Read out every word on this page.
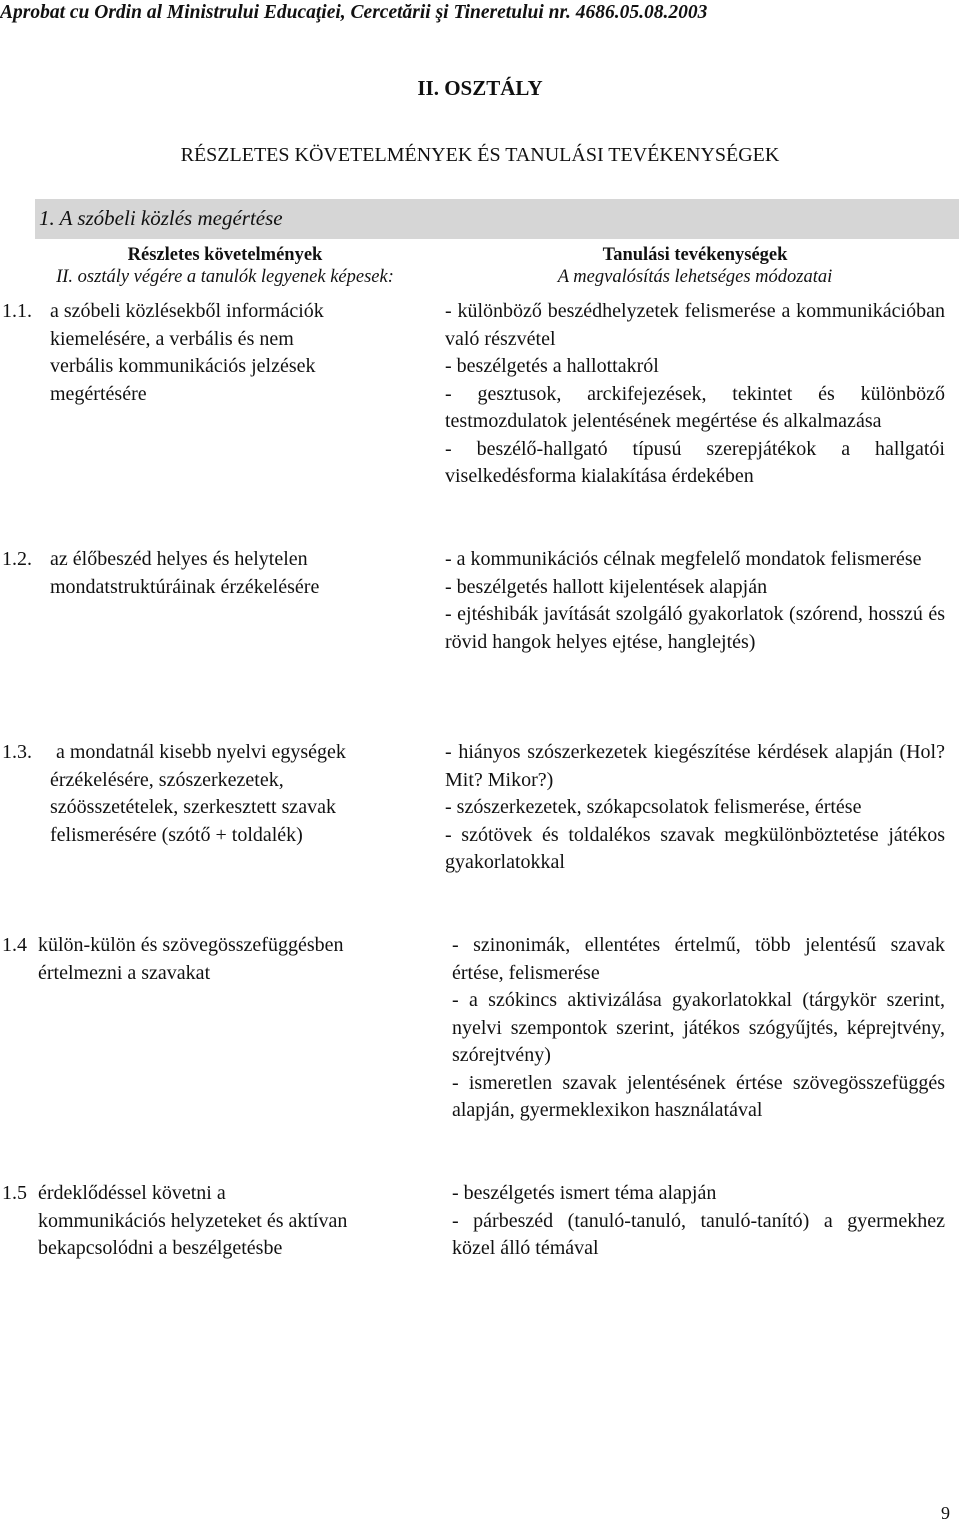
Aprobat cu Ordin al Ministrului Educaţiei, Cercetării şi Tineretului nr. 4686.05.08.2003
II. OSZTÁLY
RÉSZLETES KÖVETELMÉNYEK ÉS TANULÁSI TEVÉKENYSÉGEK
1. A szóbeli közlés megértése
Részletes követelmények
II. osztály végére a tanulók legyenek képesek:
Tanulási tevékenységek
A megvalósítás lehetséges módozatai
1.1. a szóbeli közlésekből információk
kiemelésére, a verbális és nem
verbális kommunikációs jelzések
megértésére

- különböző beszédhelyzetek felismerése a kommunikációban való részvétel

- beszélgetés a hallottakról

- gesztusok, arckifejezések, tekintet és különböző testmozdulatok jelentésének megértése és alkalmazása

- beszélő-hallgató típusú szerepjátékok a hallgatói viselkedésforma kialakítása érdekében

1.2. az élőbeszéd helyes és helytelen
mondatstruktúráinak érzékelésére

- a kommunikációs célnak megfelelő mondatok felismerése

- beszélgetés hallott kijelentések alapján

- ejtéshibák javítását szolgáló gyakorlatok (szórend, hosszú és rövid hangok helyes ejtése, hanglejtés)

1.3. a mondatnál kisebb nyelvi egységek
érzékelésére, szószerkezetek,
szóösszetételek, szerkesztett szavak
felismerésére (szótő + toldalék)

- hiányos szószerkezetek kiegészítése kérdések alapján (Hol? Mit? Mikor?)

- szószerkezetek, szókapcsolatok felismerése, értése

- szótövek és toldalékos szavak megkülönböztetése játékos gyakorlatokkal

1.4 külön-külön és szövegösszefüggésben
értelmezni a szavakat

- szinonimák, ellentétes értelmű, több jelentésű szavak értése, felismerése

- a szókincs aktivizálása gyakorlatokkal (tárgykör szerint, nyelvi szempontok szerint, játékos szógyűjtés, képrejtvény, szórejtvény)

- ismeretlen szavak jelentésének értése szövegösszefüggés alapján, gyermeklexikon használatával

1.5 érdeklődéssel követni a
kommunikációs helyzeteket és aktívan
bekapcsolódni a beszélgetésbe

- beszélgetés ismert téma alapján

- párbeszéd (tanuló-tanuló, tanuló-tanító) a gyermekhez közel álló témával

9
